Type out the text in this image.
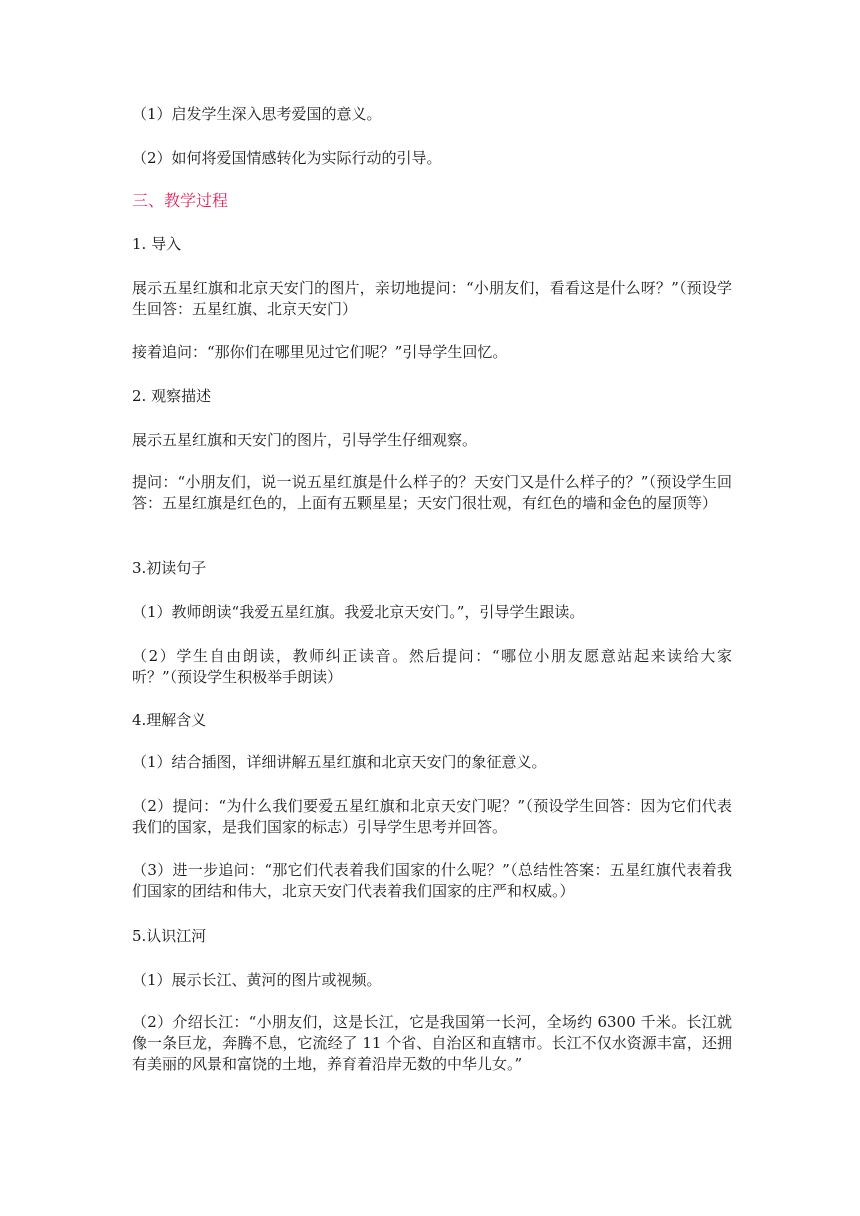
（1）启发学生深入思考爱国的意义。

（2）如何将爱国情感转化为实际行动的引导。

三、教学过程

1. 导入

展示五星红旗和北京天安门的图片，亲切地提问：“小朋友们，看看这是什么呀？”（预设学生回答：五星红旗、北京天安门）

接着追问：“那你们在哪里见过它们呢？”引导学生回忆。

2. 观察描述

展示五星红旗和天安门的图片，引导学生仔细观察。

提问：“小朋友们，说一说五星红旗是什么样子的？天安门又是什么样子的？”（预设学生回答：五星红旗是红色的，上面有五颗星星；天安门很壮观，有红色的墙和金色的屋顶等）

3.初读句子

（1）教师朗读“我爱五星红旗。我爱北京天安门。”，引导学生跟读。

（2）学生自由朗读，教师纠正读音。然后提问：“哪位小朋友愿意站起来读给大家听？”（预设学生积极举手朗读）

4.理解含义

（1）结合插图，详细讲解五星红旗和北京天安门的象征意义。

（2）提问：“为什么我们要爱五星红旗和北京天安门呢？”（预设学生回答：因为它们代表我们的国家，是我们国家的标志）引导学生思考并回答。

（3）进一步追问：“那它们代表着我们国家的什么呢？”（总结性答案：五星红旗代表着我们国家的团结和伟大，北京天安门代表着我们国家的庄严和权威。）

5.认识江河

（1）展示长江、黄河的图片或视频。

（2）介绍长江：“小朋友们，这是长江，它是我国第一长河，全场约 6300 千米。长江就像一条巨龙，奔腾不息，它流经了 11 个省、自治区和直辖市。长江不仅水资源丰富，还拥有美丽的风景和富饶的土地，养育着沿岸无数的中华儿女。”
